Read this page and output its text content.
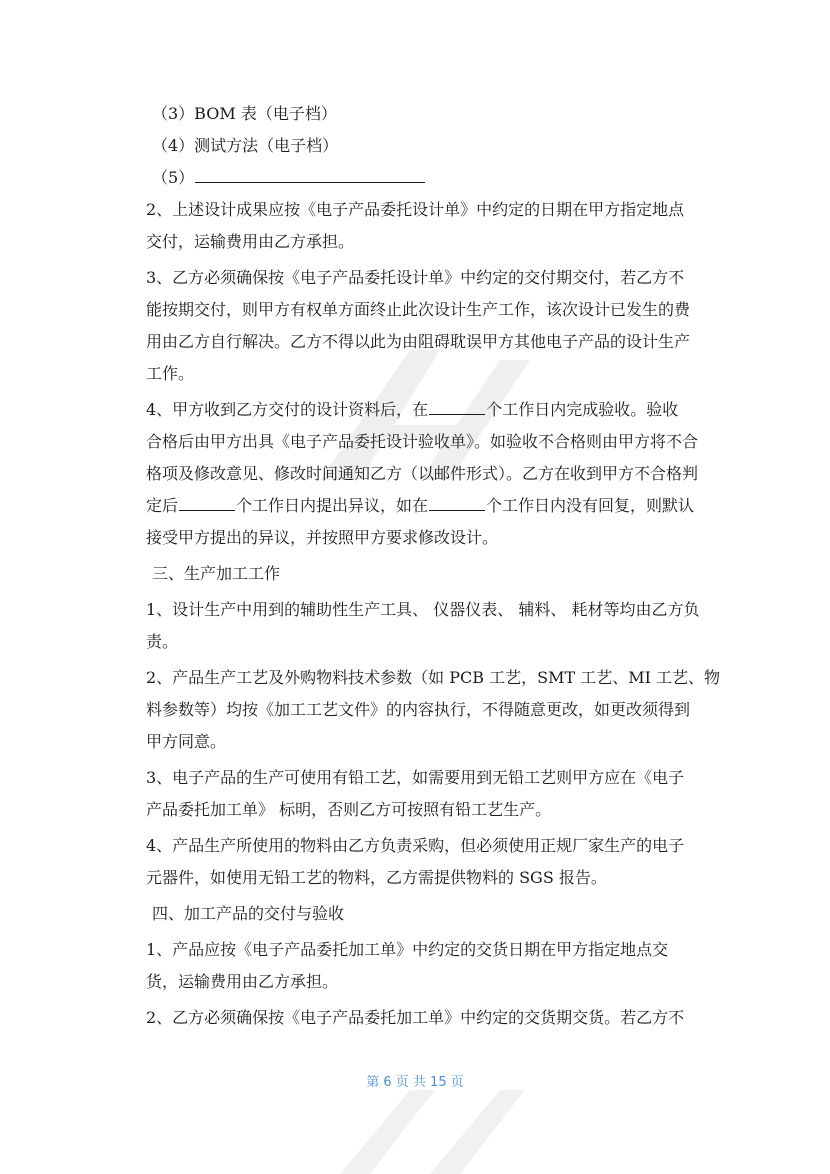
（3）BOM 表（电子档）
（4）测试方法（电子档）
（5）
2、上述设计成果应按《电子产品委托设计单》中约定的日期在甲方指定地点
交付，运输费用由乙方承担。
3、乙方必须确保按《电子产品委托设计单》中约定的交付期交付，若乙方不
能按期交付，则甲方有权单方面终止此次设计生产工作，该次设计已发生的费
用由乙方自行解决。乙方不得以此为由阻碍耽误甲方其他电子产品的设计生产
工作。
4、甲方收到乙方交付的设计资料后，在	个工作日内完成验收。验收
合格后由甲方出具《电子产品委托设计验收单》。如验收不合格则由甲方将不合
格项及修改意见、修改时间通知乙方（以邮件形式）。乙方在收到甲方不合格判
定后	个工作日内提出异议，如在	个工作日内没有回复，则默认
接受甲方提出的异议，并按照甲方要求修改设计。
三、生产加工工作
1、设计生产中用到的辅助性生产工具、 仪器仪表、 辅料、 耗材等均由乙方负
责。
2、产品生产工艺及外购物料技术参数（如 PCB 工艺，SMT 工艺、MI 工艺、物
料参数等）均按《加工工艺文件》的内容执行，不得随意更改，如更改须得到
甲方同意。
3、电子产品的生产可使用有铅工艺，如需要用到无铅工艺则甲方应在《电子
产品委托加工单》 标明，否则乙方可按照有铅工艺生产。
4、产品生产所使用的物料由乙方负责采购，但必须使用正规厂家生产的电子
元器件，如使用无铅工艺的物料，乙方需提供物料的 SGS 报告。
四、加工产品的交付与验收
1、产品应按《电子产品委托加工单》中约定的交货日期在甲方指定地点交
货，运输费用由乙方承担。
2、乙方必须确保按《电子产品委托加工单》中约定的交货期交货。若乙方不
第 6 页 共 15 页
